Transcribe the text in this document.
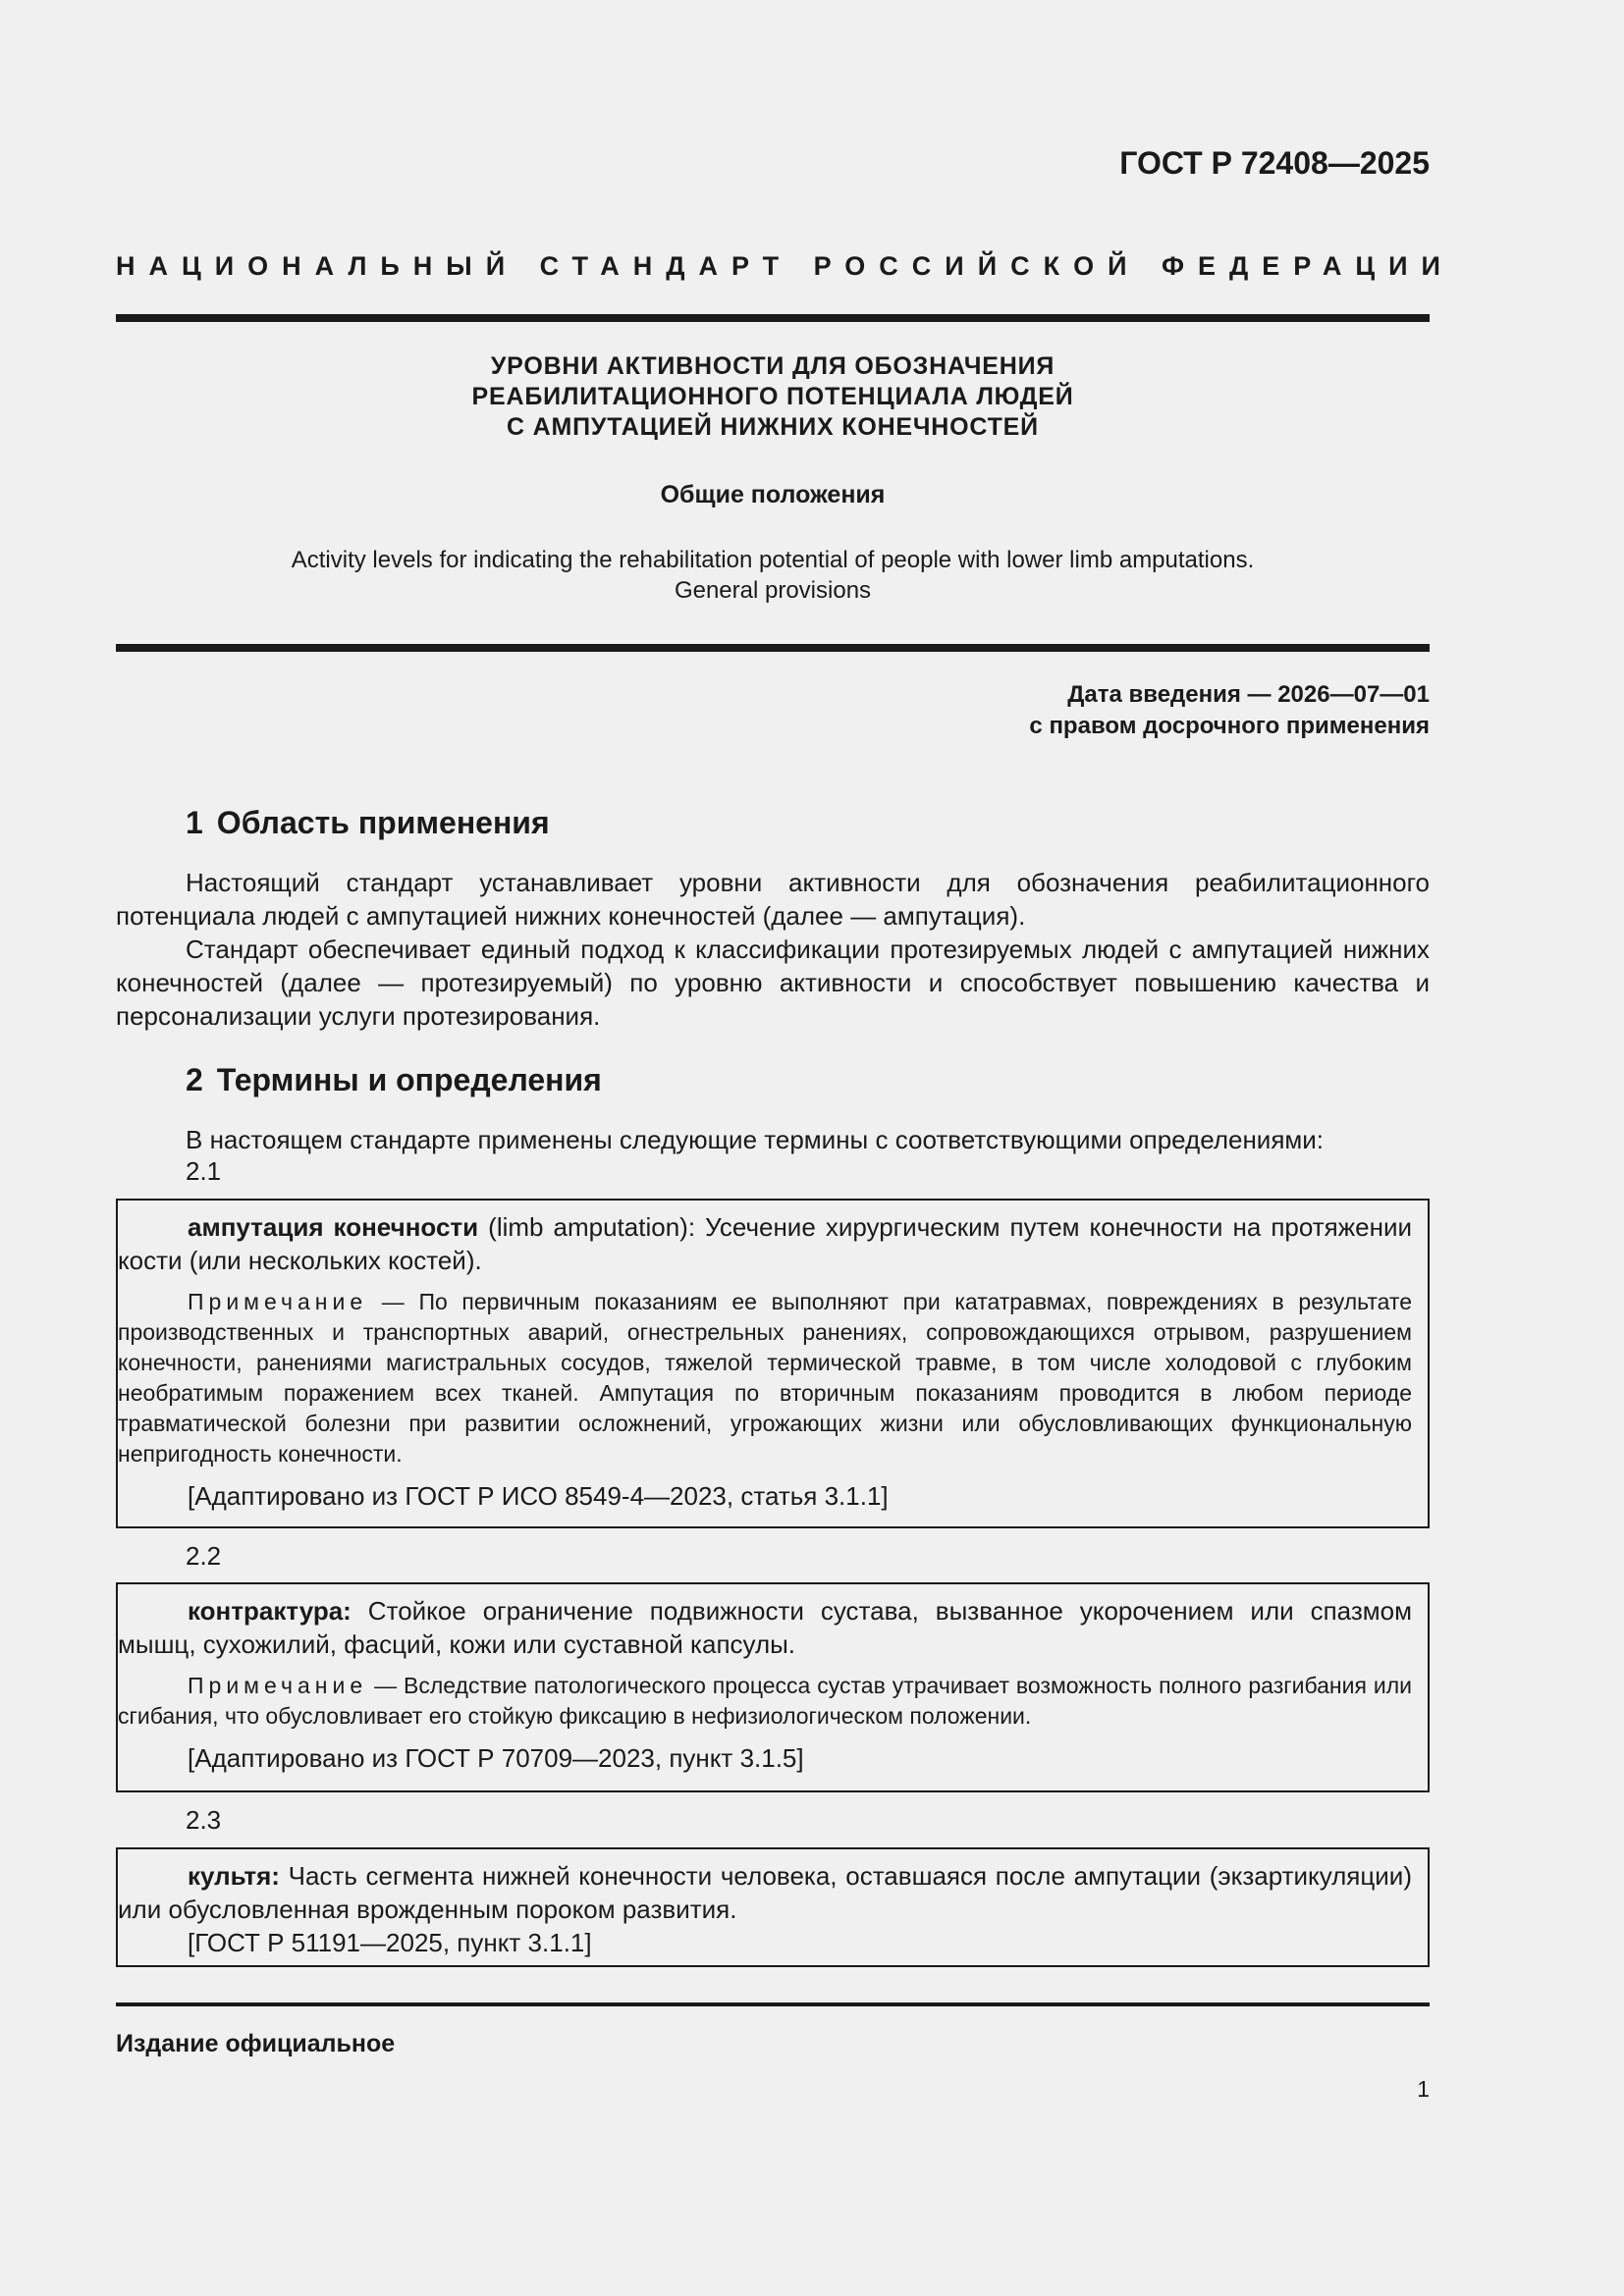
ГОСТ Р 72408—2025
НАЦИОНАЛЬНЫЙ СТАНДАРТ РОССИЙСКОЙ ФЕДЕРАЦИИ
УРОВНИ АКТИВНОСТИ ДЛЯ ОБОЗНАЧЕНИЯ
РЕАБИЛИТАЦИОННОГО ПОТЕНЦИАЛА ЛЮДЕЙ
С АМПУТАЦИЕЙ НИЖНИХ КОНЕЧНОСТЕЙ
Общие положения
Activity levels for indicating the rehabilitation potential of people with lower limb amputations.
General provisions
Дата введения — 2026—07—01
с правом досрочного применения
1 Область применения

Настоящий стандарт устанавливает уровни активности для обозначения реабилитационного потенциала людей с ампутацией нижних конечностей (далее — ампутация).

Стандарт обеспечивает единый подход к классификации протезируемых людей с ампутацией нижних конечностей (далее — протезируемый) по уровню активности и способствует повышению качества и персонализации услуги протезирования.

2 Термины и определения

В настоящем стандарте применены следующие термины с соответствующими определениями:

2.1

ампутация конечности (limb amputation): Усечение хирургическим путем конечности на протяжении кости (или нескольких костей).

Примечание — По первичным показаниям ее выполняют при кататравмах, повреждениях в результате производственных и транспортных аварий, огнестрельных ранениях, сопровождающихся отрывом, разрушением конечности, ранениями магистральных сосудов, тяжелой термической травме, в том числе холодовой с глубоким необратимым поражением всех тканей. Ампутация по вторичным показаниям проводится в любом периоде травматической болезни при развитии осложнений, угрожающих жизни или обусловливающих функциональную непригодность конечности.

[Адаптировано из ГОСТ Р ИСО 8549-4—2023, статья 3.1.1]

2.2

контрактура: Стойкое ограничение подвижности сустава, вызванное укорочением или спазмом мышц, сухожилий, фасций, кожи или суставной капсулы.

Примечание — Вследствие патологического процесса сустав утрачивает возможность полного разгибания или сгибания, что обусловливает его стойкую фиксацию в нефизиологическом положении.

[Адаптировано из ГОСТ Р 70709—2023, пункт 3.1.5]

2.3

культя: Часть сегмента нижней конечности человека, оставшаяся после ампутации (экзартикуляции) или обусловленная врожденным пороком развития.

[ГОСТ Р 51191—2025, пункт 3.1.1]

Издание официальное
1
